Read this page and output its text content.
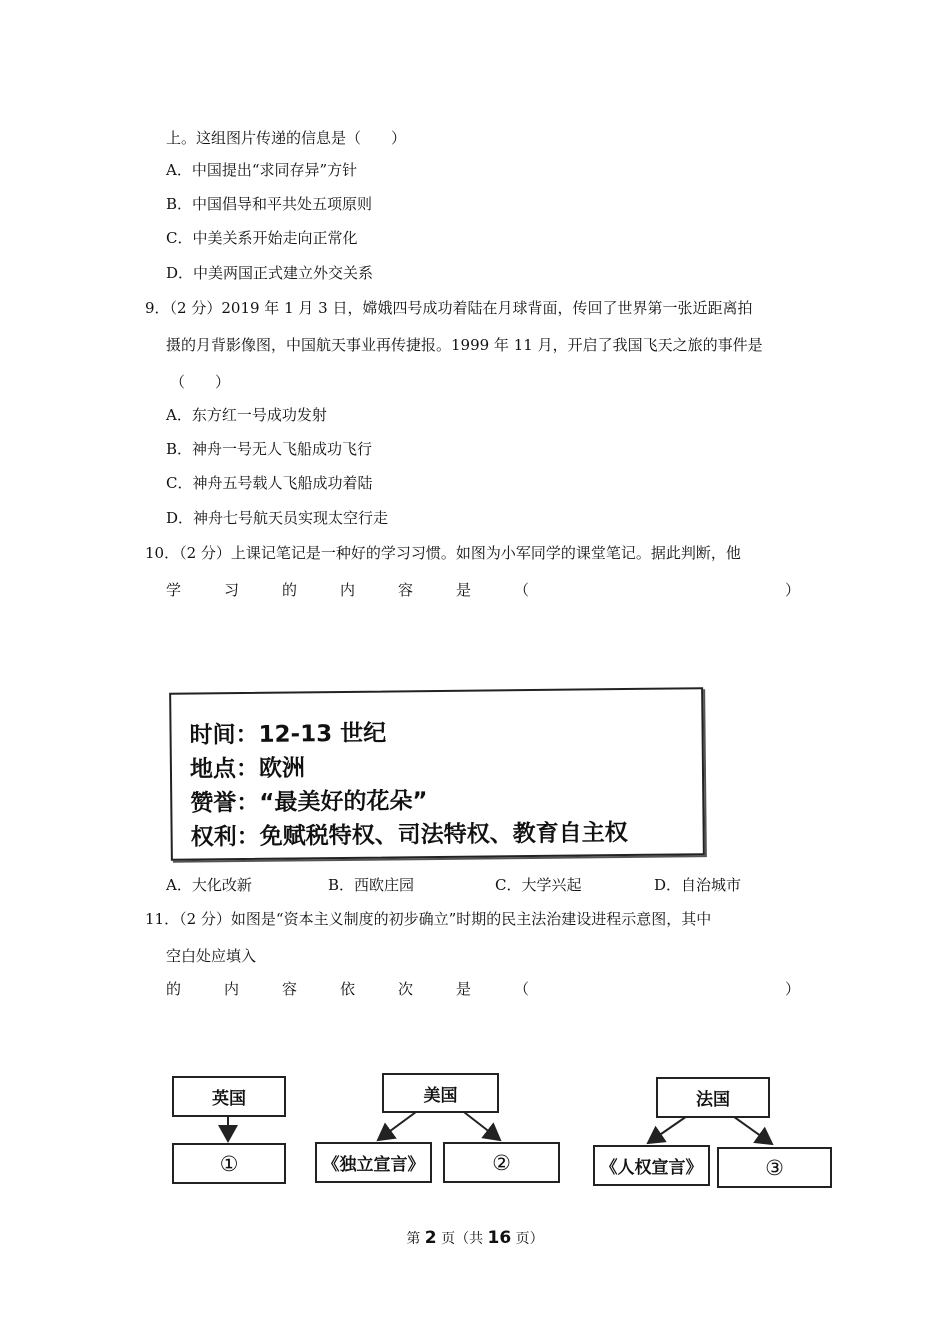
上。这组图片传递的信息是（　　）
A．中国提出“求同存异”方针
B．中国倡导和平共处五项原则
C．中美关系开始走向正常化
D．中美两国正式建立外交关系
9．（2 分）2019 年 1 月 3 日，嫦娥四号成功着陆在月球背面，传回了世界第一张近距离拍
摄的月背影像图，中国航天事业再传捷报。1999 年 11 月，开启了我国飞天之旅的事件是
（　　）
A．东方红一号成功发射
B．神舟一号无人飞船成功飞行
C．神舟五号载人飞船成功着陆
D．神舟七号航天员实现太空行走
10．（2 分）上课记笔记是一种好的学习习惯。如图为小军同学的课堂笔记。据此判断，他
学	习	的	内	容	是	（	）
时间：12-13 世纪
地点：欧洲
赞誉：“最美好的花朵”
权利：免赋税特权、司法特权、教育自主权
A．大化改新	B．西欧庄园	C．大学兴起	D．自治城市
11．（2 分）如图是“资本主义制度的初步确立”时期的民主法治建设进程示意图，其中
空白处应填入
的	内	容	依	次	是	（	）
英国
①
美国
《独立宣言》	②
法国
《人权宣言》	③
第 2 页（共 16 页）
